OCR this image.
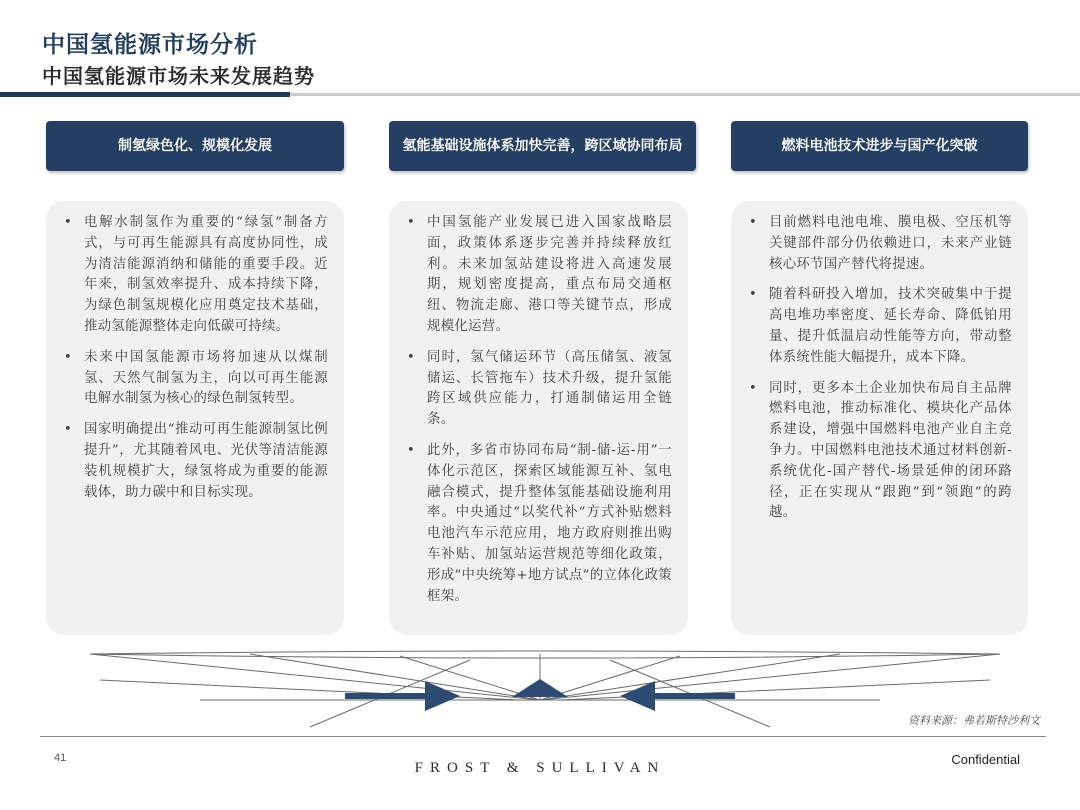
中国氢能源市场分析
中国氢能源市场未来发展趋势
制氢绿色化、规模化发展	氢能基础设施体系加快完善，跨区域协同布局	燃料电池技术进步与国产化突破
• 电解水制氢作为重要的“绿氢”制备方式，与可再生能源具有高度协同性，成为清洁能源消纳和储能的重要手段。近年来，制氢效率提升、成本持续下降，为绿色制氢规模化应用奠定技术基础，推动氢能源整体走向低碳可持续。
• 未来中国氢能源市场将加速从以煤制氢、天然气制氢为主，向以可再生能源电解水制氢为核心的绿色制氢转型。
• 国家明确提出“推动可再生能源制氢比例提升”，尤其随着风电、光伏等清洁能源装机规模扩大，绿氢将成为重要的能源载体，助力碳中和目标实现。
• 中国氢能产业发展已进入国家战略层面，政策体系逐步完善并持续释放红利。未来加氢站建设将进入高速发展期，规划密度提高，重点布局交通枢纽、物流走廊、港口等关键节点，形成规模化运营。
• 同时，氢气储运环节（高压储氢、液氢储运、长管拖车）技术升级，提升氢能跨区域供应能力，打通制储运用全链条。
• 此外，多省市协同布局“制-储-运-用”一体化示范区，探索区域能源互补、氢电融合模式，提升整体氢能基础设施利用率。中央通过“以奖代补”方式补贴燃料电池汽车示范应用，地方政府则推出购车补贴、加氢站运营规范等细化政策，形成“中央统筹+地方试点”的立体化政策框架。
• 目前燃料电池电堆、膜电极、空压机等关键部件部分仍依赖进口，未来产业链核心环节国产替代将提速。
• 随着科研投入增加，技术突破集中于提高电堆功率密度、延长寿命、降低铂用量、提升低温启动性能等方向，带动整体系统性能大幅提升，成本下降。
• 同时，更多本土企业加快布局自主品牌燃料电池，推动标准化、模块化产品体系建设，增强中国燃料电池产业自主竞争力。中国燃料电池技术通过材料创新-系统优化-国产替代-场景延伸的闭环路径，正在实现从“跟跑”到“领跑”的跨越。
资料来源：弗若斯特沙利文
41
FROST & SULLIVAN
Confidential
